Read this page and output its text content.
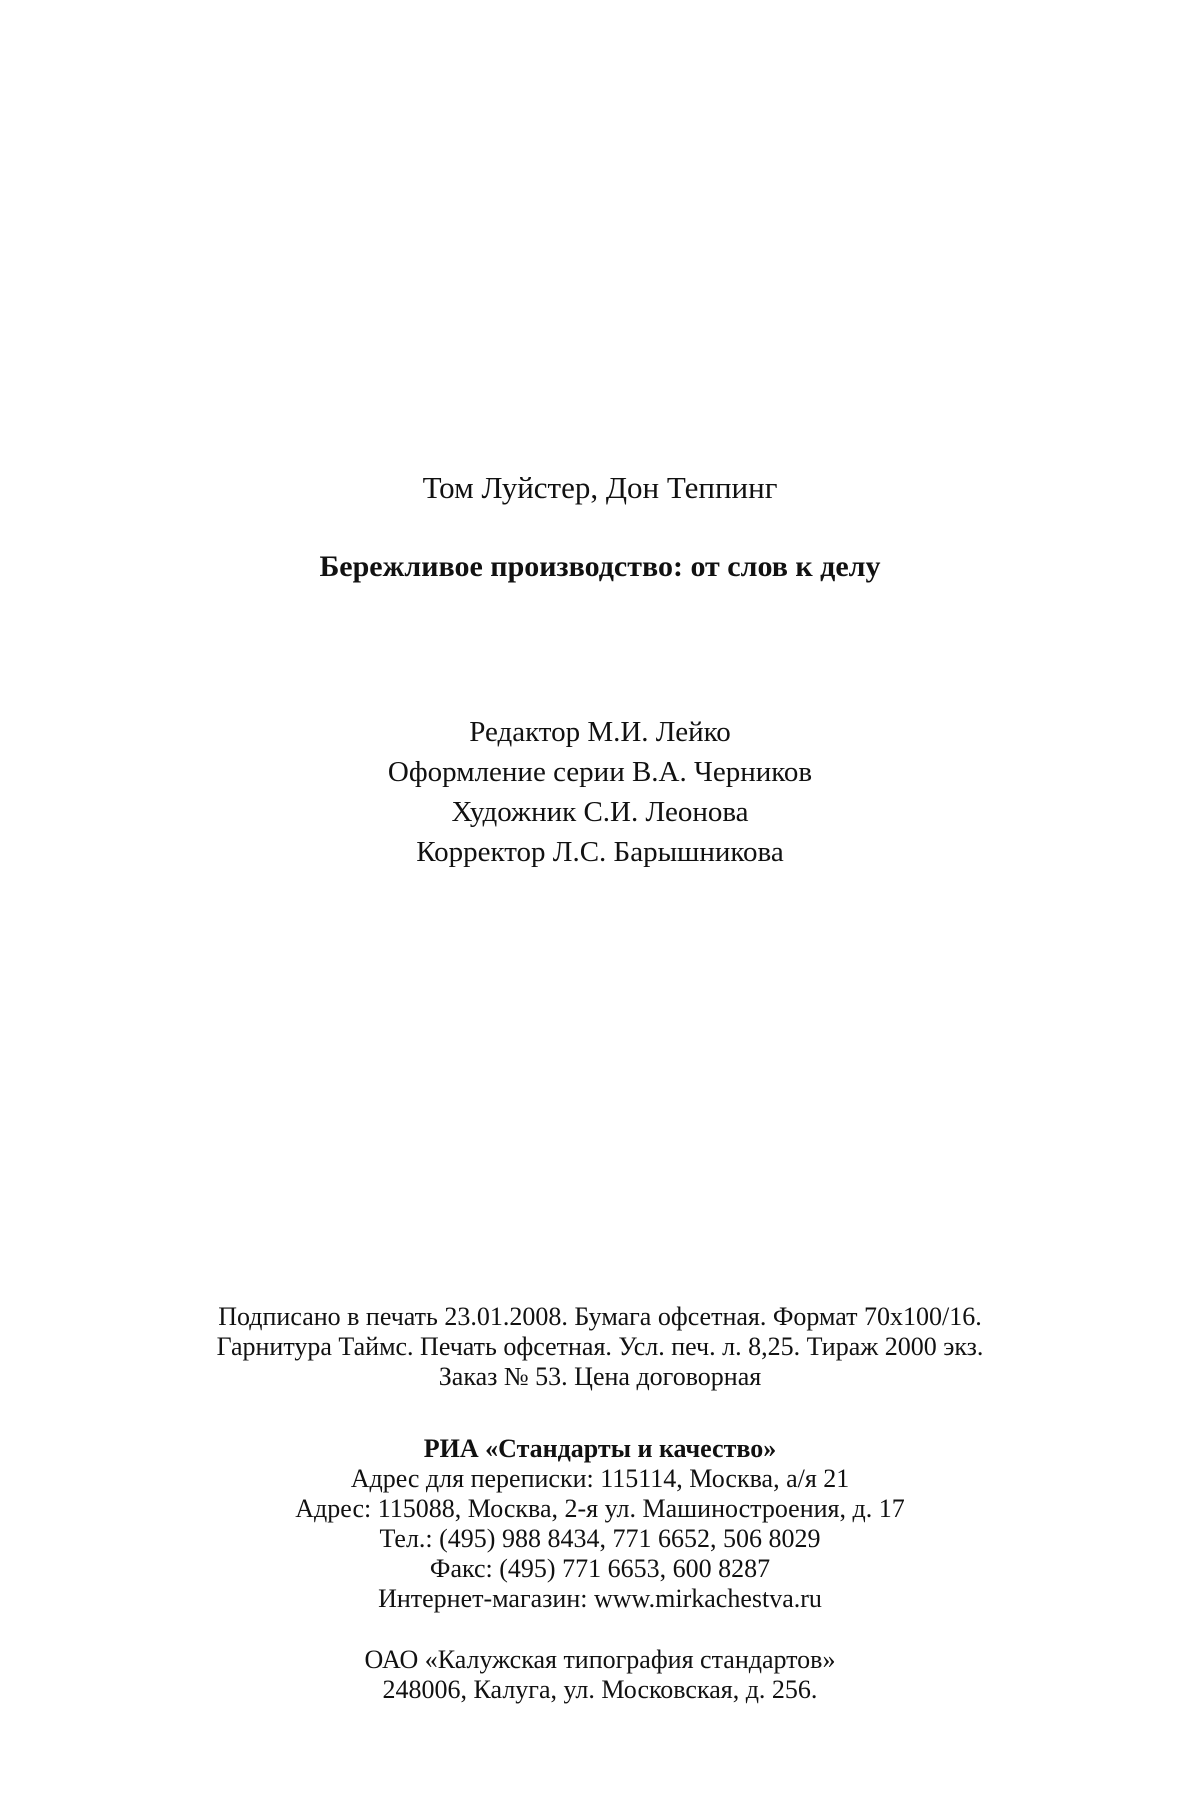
Том Луйстер, Дон Теппинг
Бережливое производство: от слов к делу
Редактор М.И. Лейко
Оформление серии В.А. Черников
Художник С.И. Леонова
Корректор Л.С. Барышникова
Подписано в печать 23.01.2008. Бумага офсетная. Формат 70x100/16.
Гарнитура Таймс. Печать офсетная. Усл. печ. л. 8,25. Тираж 2000 экз.
Заказ № 53. Цена договорная
РИА «Стандарты и качество»
Адрес для переписки: 115114, Москва, а/я 21
Адрес: 115088, Москва, 2-я ул. Машиностроения, д. 17
Тел.: (495) 988 8434, 771 6652, 506 8029
Факс: (495) 771 6653, 600 8287
Интернет-магазин: www.mirkachestva.ru
ОАО «Калужская типография стандартов»
248006, Калуга, ул. Московская, д. 256.
